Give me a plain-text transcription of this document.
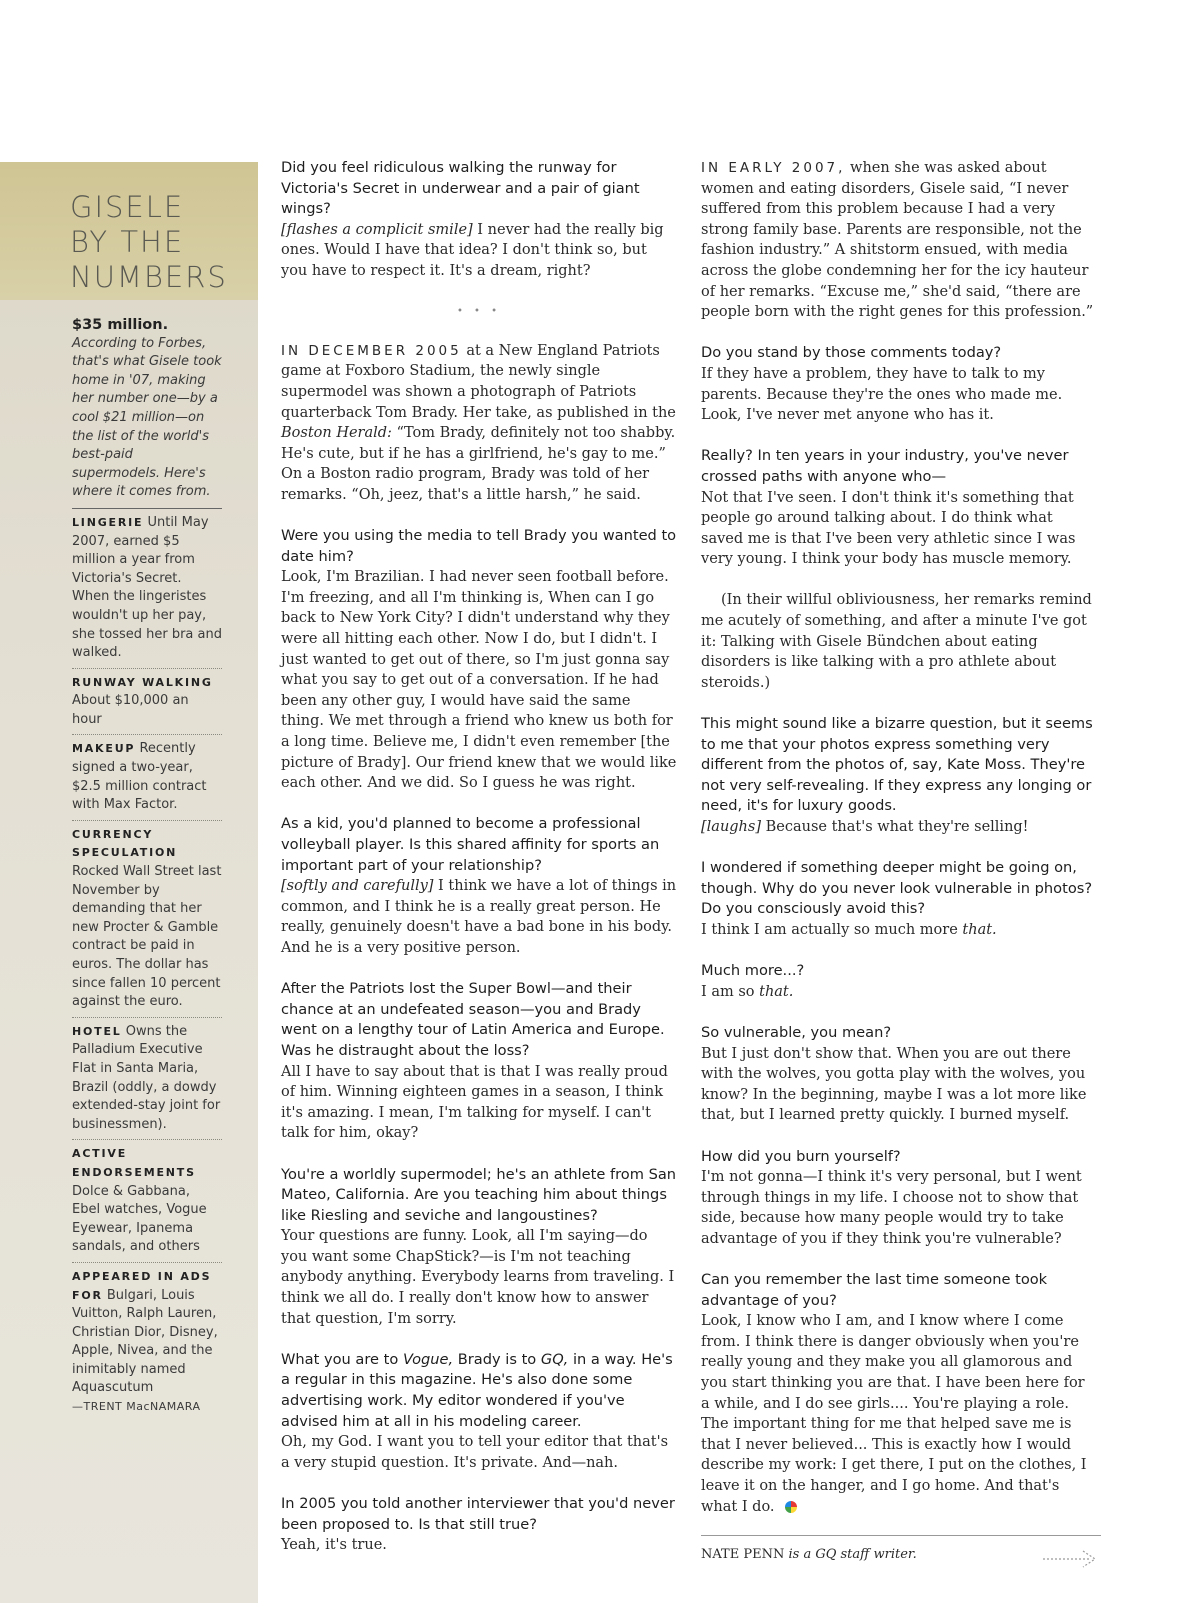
GISELE
BY THE
NUMBERS
$35 million.
According to Forbes, that's what Gisele took home in '07, making her number one—by a cool $21 million—on the list of the world's best-paid supermodels. Here's where it comes from.
LINGERIE Until May 2007, earned $5 million a year from Victoria's Secret. When the lingeristes wouldn't up her pay, she tossed her bra and walked.
RUNWAY WALKING
About $10,000 an hour
MAKEUP Recently signed a two-year, $2.5 million contract with Max Factor.
CURRENCY SPECULATION
Rocked Wall Street last November by demanding that her new Procter & Gamble contract be paid in euros. The dollar has since fallen 10 percent against the euro.
HOTEL Owns the Palladium Executive Flat in Santa Maria, Brazil (oddly, a dowdy extended-stay joint for businessmen).
ACTIVE ENDORSEMENTS
Dolce & Gabbana, Ebel watches, Vogue Eyewear, Ipanema sandals, and others
APPEARED IN ADS FOR Bulgari, Louis Vuitton, Ralph Lauren, Christian Dior, Disney, Apple, Nivea, and the inimitably named Aquascutum
—TRENT MacNAMARA
Did you feel ridiculous walking the runway for Victoria's Secret in underwear and a pair of giant wings?
[flashes a complicit smile] I never had the really big ones. Would I have that idea? I don't think so, but you have to respect it. It's a dream, right?
• • •
IN DECEMBER 2005 at a New England Patriots game at Foxboro Stadium, the newly single supermodel was shown a photograph of Patriots quarterback Tom Brady. Her take, as published in the Boston Herald: “Tom Brady, definitely not too shabby. He's cute, but if he has a girlfriend, he's gay to me.” On a Boston radio program, Brady was told of her remarks. “Oh, jeez, that's a little harsh,” he said.
Were you using the media to tell Brady you wanted to date him?
Look, I'm Brazilian. I had never seen football before. I'm freezing, and all I'm thinking is, When can I go back to New York City? I didn't understand why they were all hitting each other. Now I do, but I didn't. I just wanted to get out of there, so I'm just gonna say what you say to get out of a conversation. If he had been any other guy, I would have said the same thing. We met through a friend who knew us both for a long time. Believe me, I didn't even remember [the picture of Brady]. Our friend knew that we would like each other. And we did. So I guess he was right.
As a kid, you'd planned to become a professional volleyball player. Is this shared affinity for sports an important part of your relationship?
[softly and carefully] I think we have a lot of things in common, and I think he is a really great person. He really, genuinely doesn't have a bad bone in his body. And he is a very positive person.
After the Patriots lost the Super Bowl—and their chance at an undefeated season—you and Brady went on a lengthy tour of Latin America and Europe. Was he distraught about the loss?
All I have to say about that is that I was really proud of him. Winning eighteen games in a season, I think it's amazing. I mean, I'm talking for myself. I can't talk for him, okay?
You're a worldly supermodel; he's an athlete from San Mateo, California. Are you teaching him about things like Riesling and seviche and langoustines?
Your questions are funny. Look, all I'm saying—do you want some ChapStick?—is I'm not teaching anybody anything. Everybody learns from traveling. I think we all do. I really don't know how to answer that question, I'm sorry.
What you are to Vogue, Brady is to GQ, in a way. He's a regular in this magazine. He's also done some advertising work. My editor wondered if you've advised him at all in his modeling career.
Oh, my God. I want you to tell your editor that that's a very stupid question. It's private. And—nah.
In 2005 you told another interviewer that you'd never been proposed to. Is that still true?
Yeah, it's true.
IN EARLY 2007, when she was asked about women and eating disorders, Gisele said, “I never suffered from this problem because I had a very strong family base. Parents are responsible, not the fashion industry.” A shitstorm ensued, with media across the globe condemning her for the icy hauteur of her remarks. “Excuse me,” she'd said, “there are people born with the right genes for this profession.”
Do you stand by those comments today?
If they have a problem, they have to talk to my parents. Because they're the ones who made me. Look, I've never met anyone who has it.
Really? In ten years in your industry, you've never crossed paths with anyone who—
Not that I've seen. I don't think it's something that people go around talking about. I do think what saved me is that I've been very athletic since I was very young. I think your body has muscle memory.
(In their willful obliviousness, her remarks remind me acutely of something, and after a minute I've got it: Talking with Gisele Bündchen about eating disorders is like talking with a pro athlete about steroids.)
This might sound like a bizarre question, but it seems to me that your photos express something very different from the photos of, say, Kate Moss. They're not very self-revealing. If they express any longing or need, it's for luxury goods.
[laughs] Because that's what they're selling!
I wondered if something deeper might be going on, though. Why do you never look vulnerable in photos? Do you consciously avoid this?
I think I am actually so much more that.
Much more...?
I am so that.
So vulnerable, you mean?
But I just don't show that. When you are out there with the wolves, you gotta play with the wolves, you know? In the beginning, maybe I was a lot more like that, but I learned pretty quickly. I burned myself.
How did you burn yourself?
I'm not gonna—I think it's very personal, but I went through things in my life. I choose not to show that side, because how many people would try to take advantage of you if they think you're vulnerable?
Can you remember the last time someone took advantage of you?
Look, I know who I am, and I know where I come from. I think there is danger obviously when you're really young and they make you all glamorous and you start thinking you are that. I have been here for a while, and I do see girls.... You're playing a role. The important thing for me that helped save me is that I never believed... This is exactly how I would describe my work: I get there, I put on the clothes, I leave it on the hanger, and I go home. And that's what I do.
NATE PENN is a GQ staff writer.
